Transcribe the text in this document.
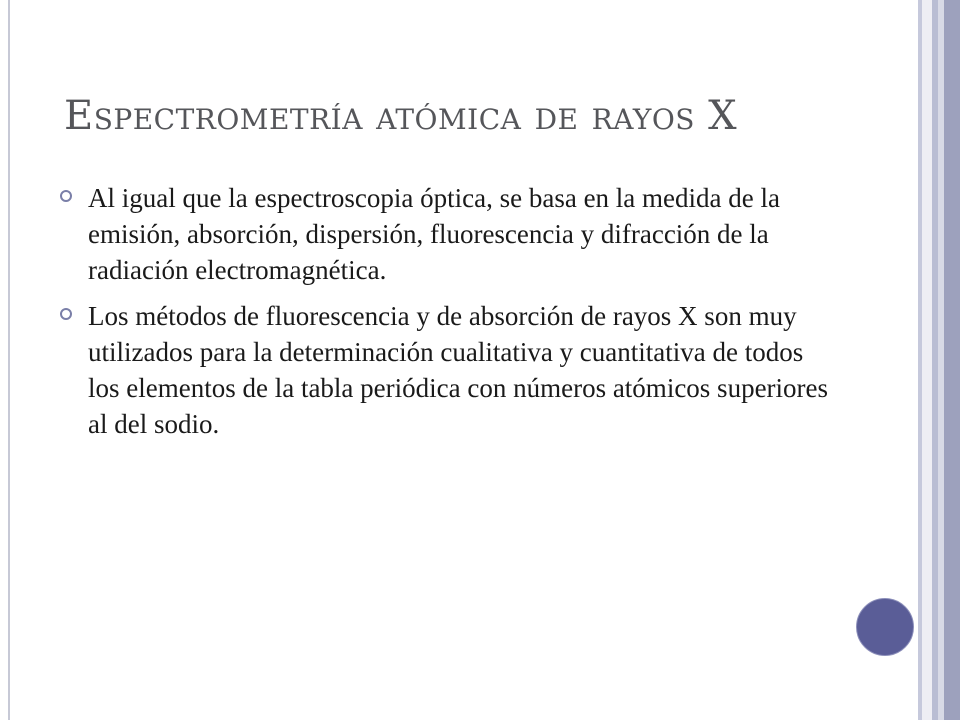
Espectrometría atómica de rayos X
Al igual que la espectroscopia óptica, se basa en la medida de la emisión, absorción, dispersión, fluorescencia y difracción de la radiación electromagnética.
Los métodos de fluorescencia y de absorción de rayos X son muy utilizados para la determinación cualitativa y cuantitativa de todos los elementos de la tabla periódica con números atómicos superiores al del sodio.
